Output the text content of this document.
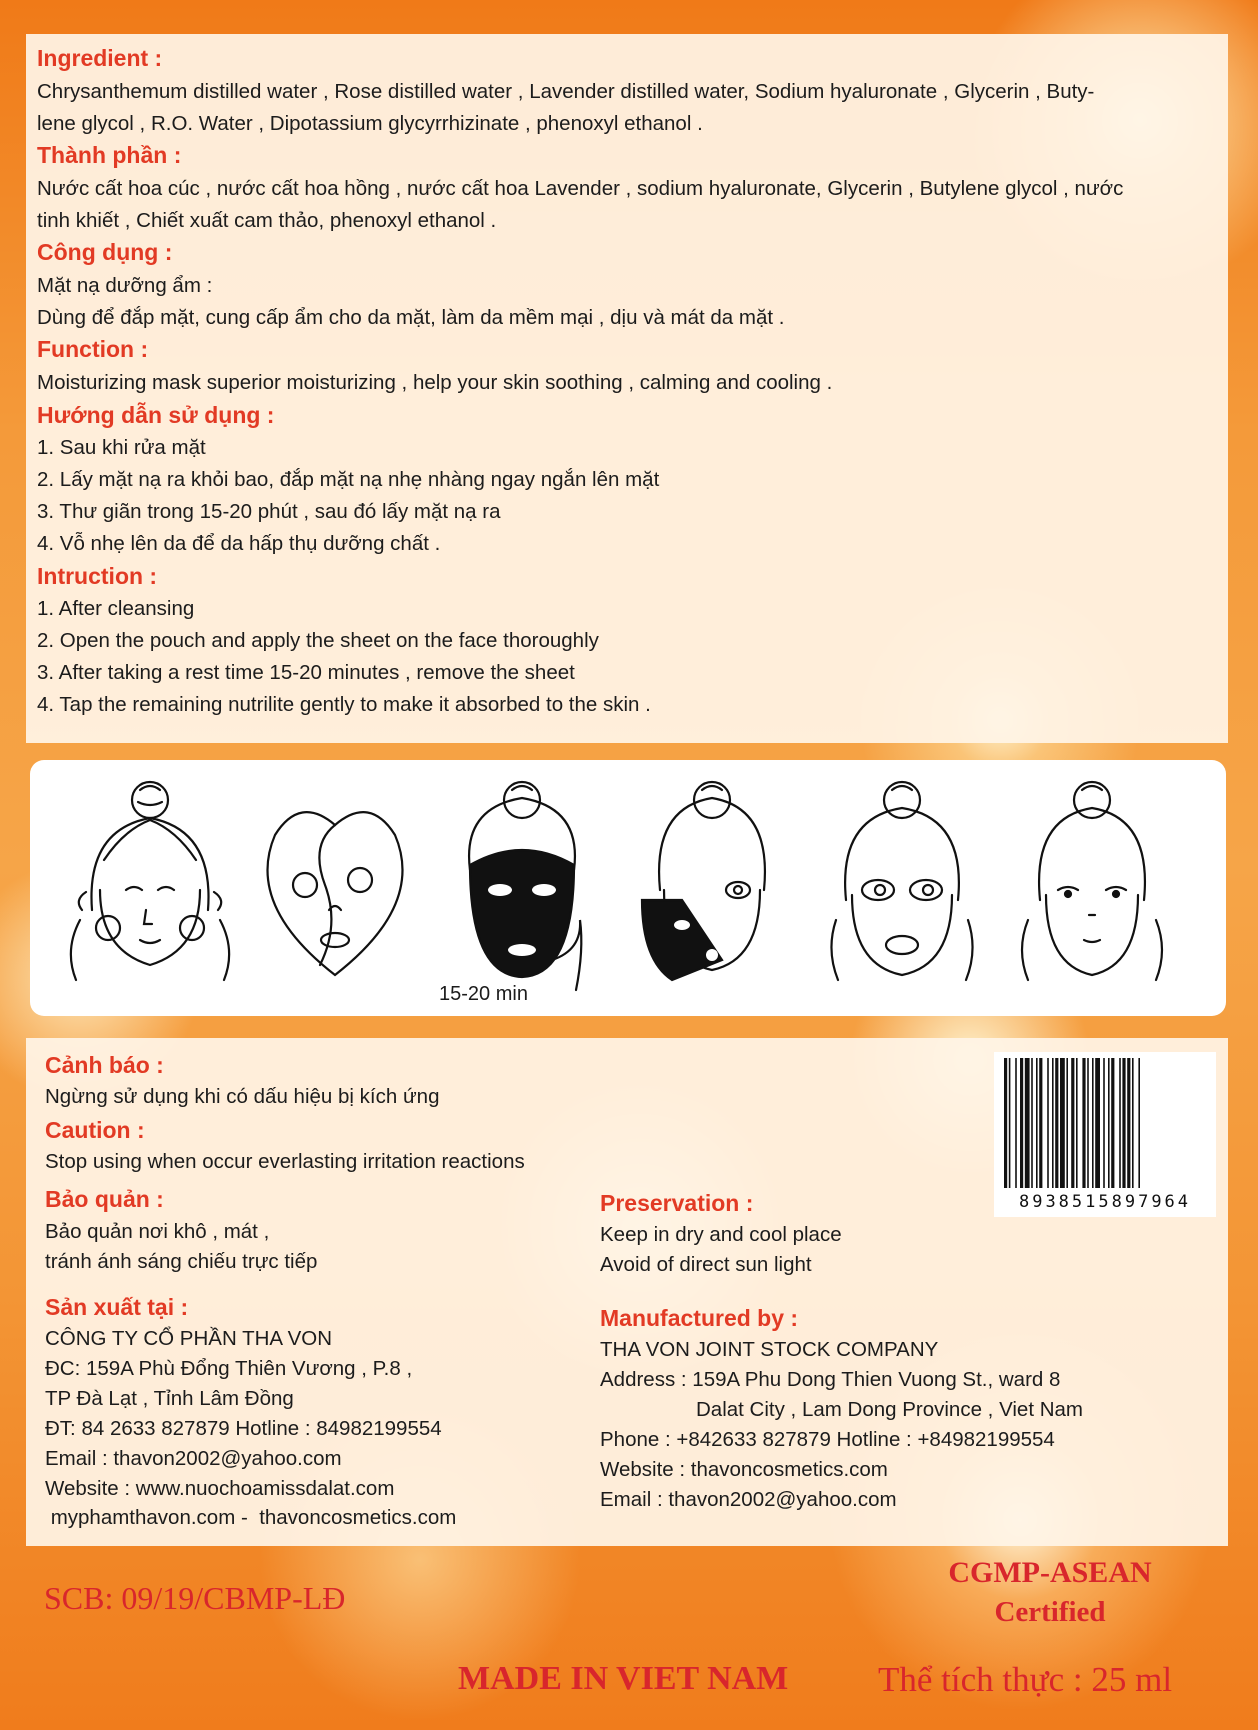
Ingredient :
Chrysanthemum distilled water , Rose distilled water , Lavender distilled water, Sodium hyaluronate , Glycerin , Buty-
lene glycol , R.O. Water , Dipotassium glycyrrhizinate , phenoxyl ethanol .
Thành phần :
Nước cất hoa cúc , nước cất hoa hồng , nước cất hoa Lavender , sodium hyaluronate, Glycerin , Butylene glycol , nước
tinh khiết , Chiết xuất cam thảo, phenoxyl ethanol .
Công dụng :
Mặt nạ dưỡng ẩm :
Dùng để đắp mặt, cung cấp ẩm cho da mặt, làm da mềm mại , dịu và mát da mặt .
Function :
Moisturizing mask superior moisturizing , help your skin soothing , calming and cooling .
Hướng dẫn sử dụng :
1. Sau khi rửa mặt
2. Lấy mặt nạ ra khỏi bao, đắp mặt nạ nhẹ nhàng ngay ngắn lên mặt
3. Thư giãn trong 15-20 phút , sau đó lấy mặt nạ ra
4. Vỗ nhẹ lên da để da hấp thụ dưỡng chất .
Intruction :
1. After cleansing
2. Open the pouch and apply the sheet on the face thoroughly
3. After taking a rest time 15-20 minutes , remove the sheet
4. Tap the remaining nutrilite gently to make it absorbed to the skin .
15-20 min
Cảnh báo :
Ngừng sử dụng khi có dấu hiệu bị kích ứng
Caution :
Stop using when occur everlasting irritation reactions
Bảo quản :
Bảo quản nơi khô , mát ,
tránh ánh sáng chiếu trực tiếp
Preservation :
Keep in dry and cool place
Avoid of direct sun light
Sản xuất tại :
CÔNG TY CỔ PHẦN THA VON
ĐC: 159A Phù Đổng Thiên Vương , P.8 ,
TP Đà Lạt , Tỉnh Lâm Đồng
ĐT: 84 2633 827879 Hotline : 84982199554
Email : thavon2002@yahoo.com
Website : www.nuochoamissdalat.com
myphamthavon.com -  thavoncosmetics.com
Manufactured by :
THA VON JOINT STOCK COMPANY
Address : 159A Phu Dong Thien Vuong St., ward 8
Dalat City , Lam Dong Province , Viet Nam
Phone : +842633 827879 Hotline : +84982199554
Website : thavoncosmetics.com
Email : thavon2002@yahoo.com
8938515897964
SCB: 09/19/CBMP-LĐ
CGMP-ASEAN
Certified
MADE IN VIET NAM	Thể tích thực : 25 ml
